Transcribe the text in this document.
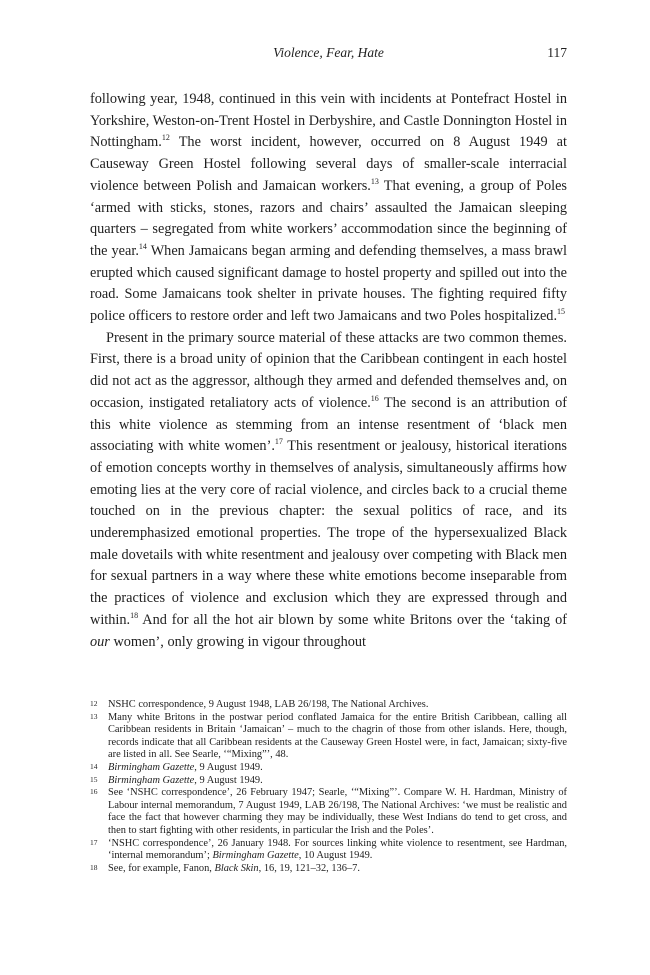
Violence, Fear, Hate	117

following year, 1948, continued in this vein with incidents at Pontefract Hostel in Yorkshire, Weston-on-Trent Hostel in Derbyshire, and Castle Donnington Hostel in Nottingham.$^{12}$ The worst incident, however, occurred on 8 August 1949 at Causeway Green Hostel following several days of smaller-scale interracial violence between Polish and Jamaican workers.$^{13}$ That evening, a group of Poles ‘armed with sticks, stones, razors and chairs’ assaulted the Jamaican sleeping quarters – segregated from white workers’ accommodation since the beginning of the year.$^{14}$ When Jamaicans began arming and defending themselves, a mass brawl erupted which caused significant damage to hostel property and spilled out into the road. Some Jamaicans took shelter in private houses. The fighting required fifty police officers to restore order and left two Jamaicans and two Poles hospitalized.$^{15}$

Present in the primary source material of these attacks are two common themes. First, there is a broad unity of opinion that the Caribbean contingent in each hostel did not act as the aggressor, although they armed and defended themselves and, on occasion, instigated retaliatory acts of violence.$^{16}$ The second is an attribution of this white violence as stemming from an intense resentment of ‘black men associating with white women’.$^{17}$ This resentment or jealousy, historical iterations of emotion concepts worthy in themselves of analysis, simultaneously affirms how emoting lies at the very core of racial violence, and circles back to a crucial theme touched on in the previous chapter: the sexual politics of race, and its underemphasized emotional properties. The trope of the hypersexualized Black male dovetails with white resentment and jealousy over competing with Black men for sexual partners in a way where these white emotions become inseparable from the practices of violence and exclusion which they are expressed through and within.$^{18}$ And for all the hot air blown by some white Britons over the ‘taking of our women’, only growing in vigour throughout

12 NSHC correspondence, 9 August 1948, LAB 26/198, The National Archives.
13 Many white Britons in the postwar period conflated Jamaica for the entire British Caribbean, calling all Caribbean residents in Britain ‘Jamaican’ – much to the chagrin of those from other islands. Here, though, records indicate that all Caribbean residents at the Causeway Green Hostel were, in fact, Jamaican; sixty-five are listed in all. See Searle, ‘“Mixing”’, 48.
14 Birmingham Gazette, 9 August 1949.
15 Birmingham Gazette, 9 August 1949.
16 See ‘NSHC correspondence’, 26 February 1947; Searle, ‘“Mixing”’. Compare W. H. Hardman, Ministry of Labour internal memorandum, 7 August 1949, LAB 26/198, The National Archives: ‘we must be realistic and face the fact that however charming they may be individually, these West Indians do tend to get cross, and then to start fighting with other residents, in particular the Irish and the Poles’.
17 ‘NSHC correspondence’, 26 January 1948. For sources linking white violence to resentment, see Hardman, ‘internal memorandum’; Birmingham Gazette, 10 August 1949.
18 See, for example, Fanon, Black Skin, 16, 19, 121–32, 136–7.
